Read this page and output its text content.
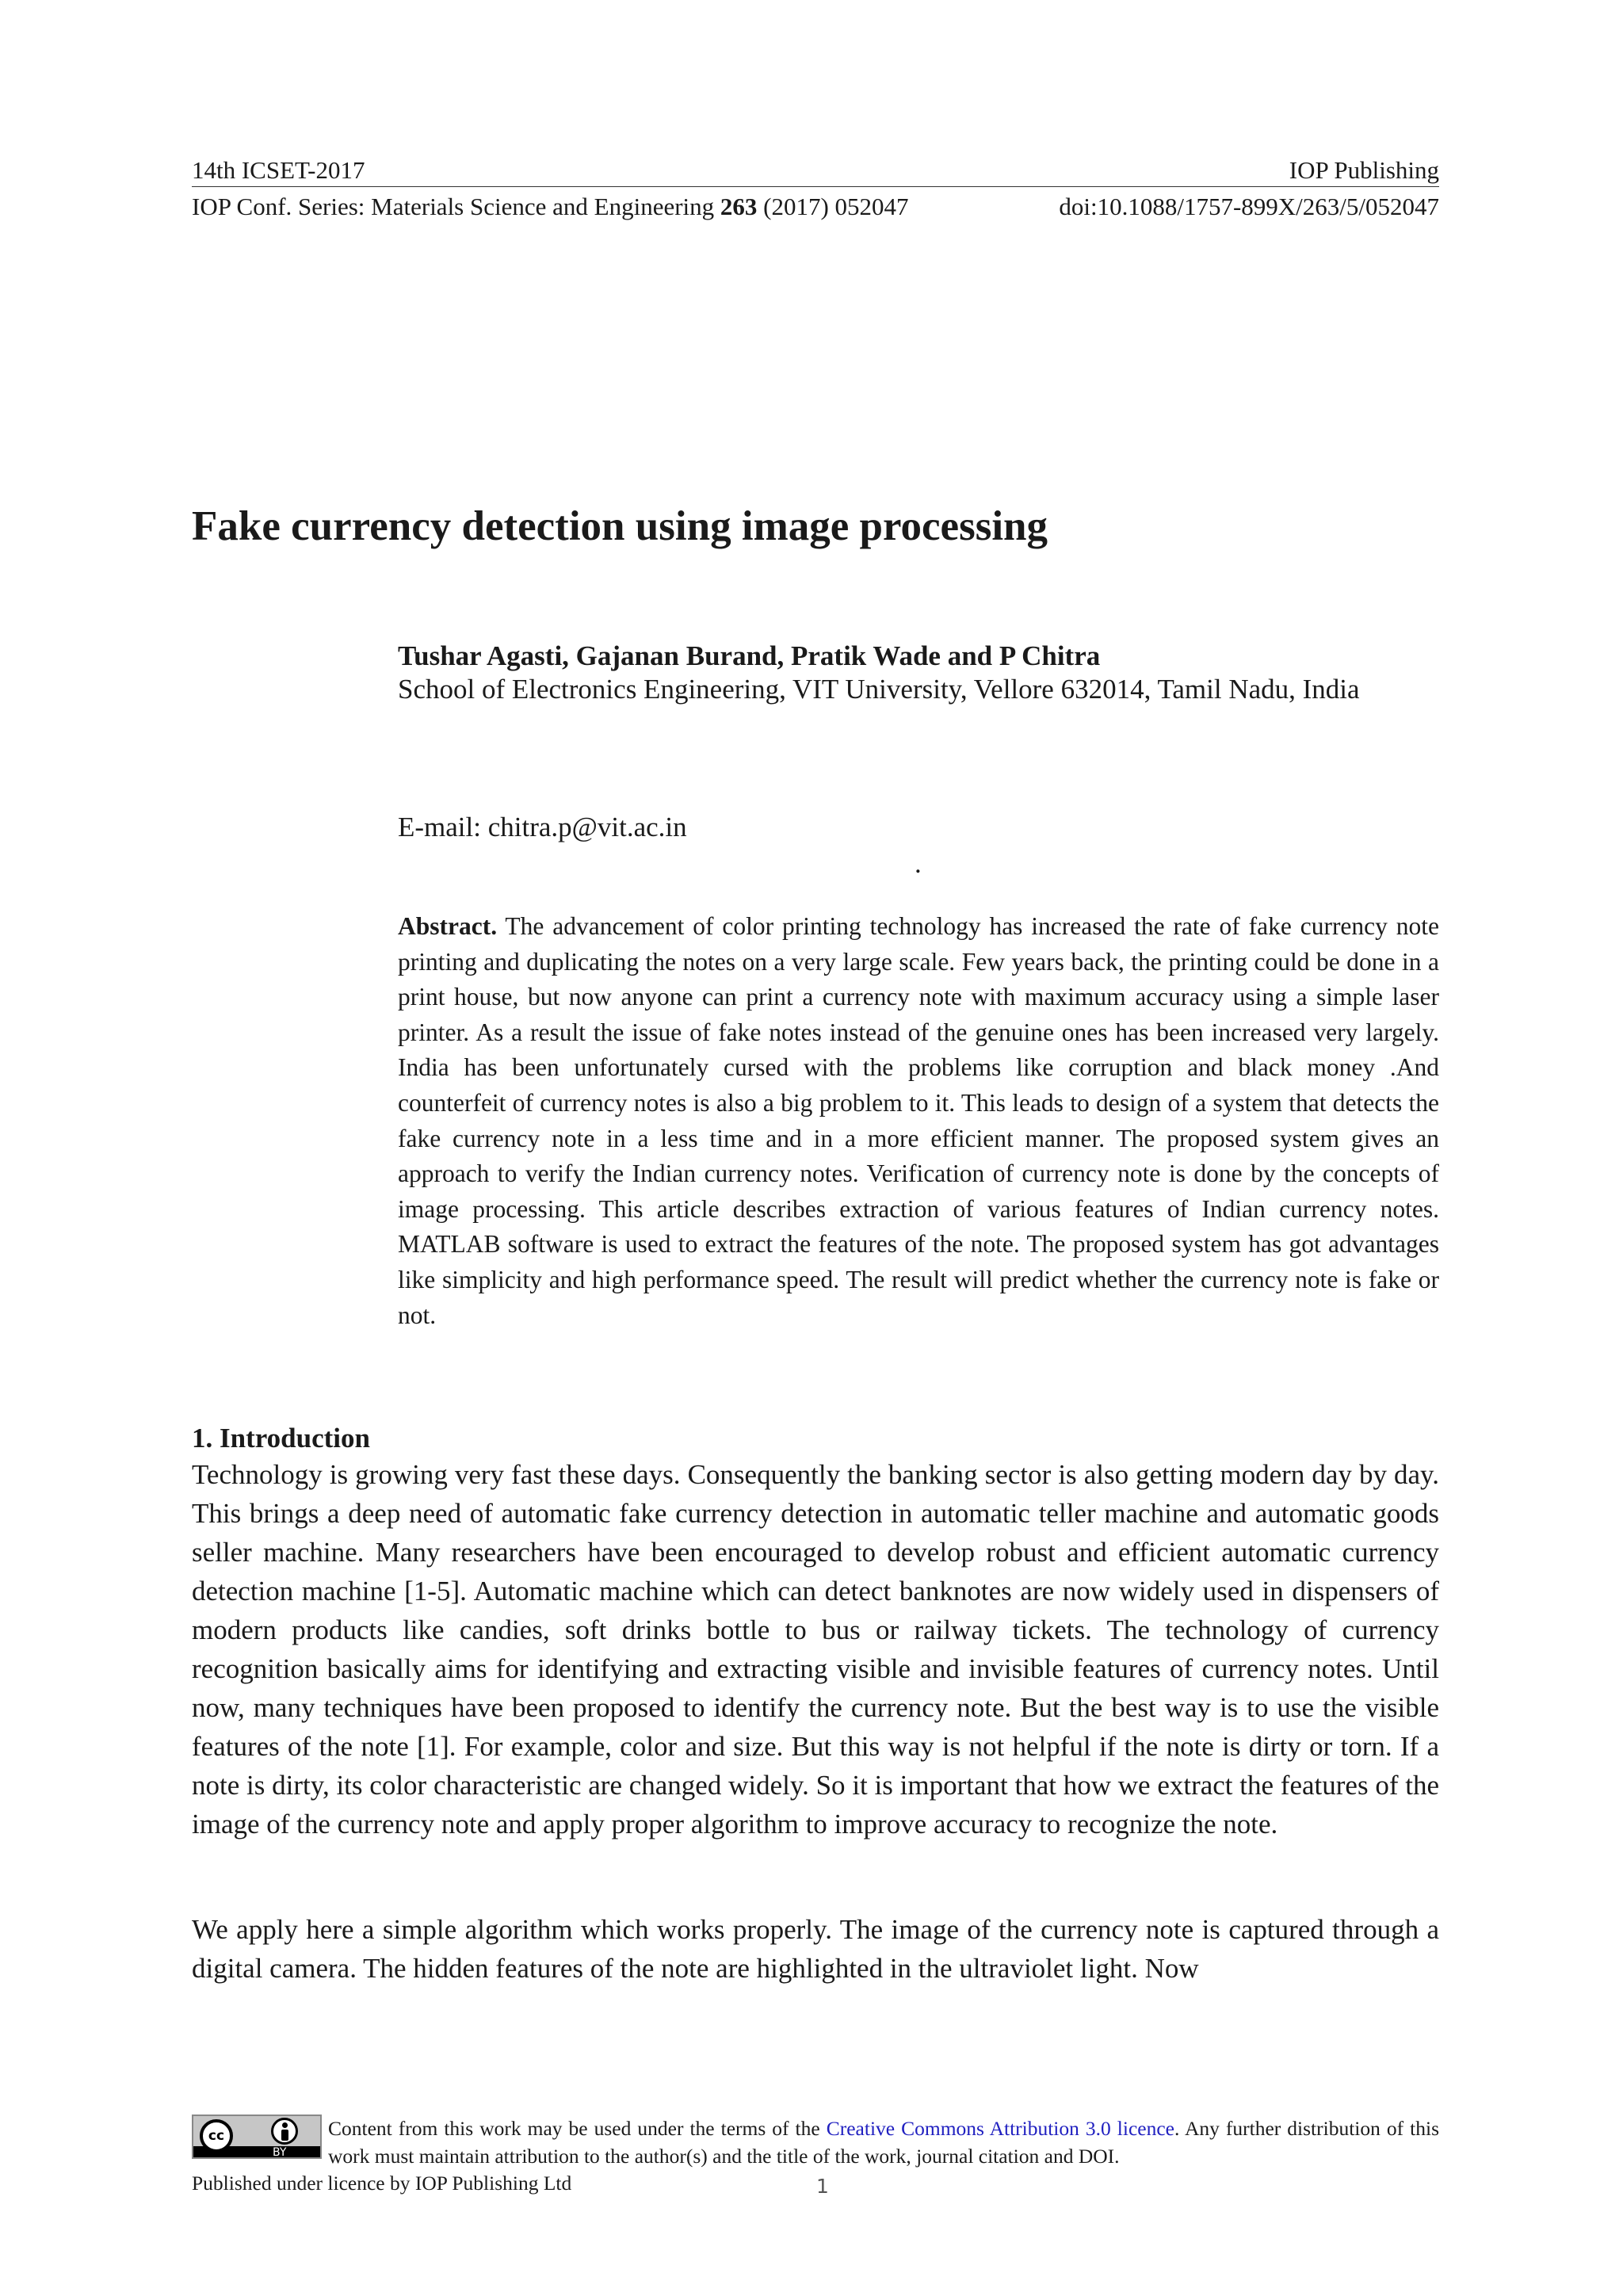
14th ICSET-2017	IOP Publishing
IOP Conf. Series: Materials Science and Engineering 263 (2017) 052047	doi:10.1088/1757-899X/263/5/052047
Fake currency detection using image processing
Tushar Agasti, Gajanan Burand, Pratik Wade and P Chitra
School of Electronics Engineering, VIT University, Vellore 632014, Tamil Nadu, India
E-mail: chitra.p@vit.ac.in
.
Abstract. The advancement of color printing technology has increased the rate of fake currency note printing and duplicating the notes on a very large scale. Few years back, the printing could be done in a print house, but now anyone can print a currency note with maximum accuracy using a simple laser printer. As a result the issue of fake notes instead of the genuine ones has been increased very largely. India has been unfortunately cursed with the problems like corruption and black money .And counterfeit of currency notes is also a big problem to it. This leads to design of a system that detects the fake currency note in a less time and in a more efficient manner. The proposed system gives an approach to verify the Indian currency notes. Verification of currency note is done by the concepts of image processing. This article describes extraction of various features of Indian currency notes. MATLAB software is used to extract the features of the note. The proposed system has got advantages like simplicity and high performance speed. The result will predict whether the currency note is fake or not.
1. Introduction
Technology is growing very fast these days. Consequently the banking sector is also getting modern day by day. This brings a deep need of automatic fake currency detection in automatic teller machine and automatic goods seller machine. Many researchers have been encouraged to develop robust and efficient automatic currency detection machine [1-5]. Automatic machine which can detect banknotes are now widely used in dispensers of modern products like candies, soft drinks bottle to bus or railway tickets. The technology of currency recognition basically aims for identifying and extracting visible and invisible features of currency notes. Until now, many techniques have been proposed to identify the currency note. But the best way is to use the visible features of the note [1]. For example, color and size. But this way is not helpful if the note is dirty or torn. If a note is dirty, its color characteristic are changed widely. So it is important that how we extract the features of the image of the currency note and apply proper algorithm to improve accuracy to recognize the note.
We apply here a simple algorithm which works properly. The image of the currency note is captured through a digital camera. The hidden features of the note are highlighted in the ultraviolet light. Now
cc
BY
Content from this work may be used under the terms of the Creative Commons Attribution 3.0 licence. Any further distribution of this work must maintain attribution to the author(s) and the title of the work, journal citation and DOI.
Published under licence by IOP Publishing Ltd	1
